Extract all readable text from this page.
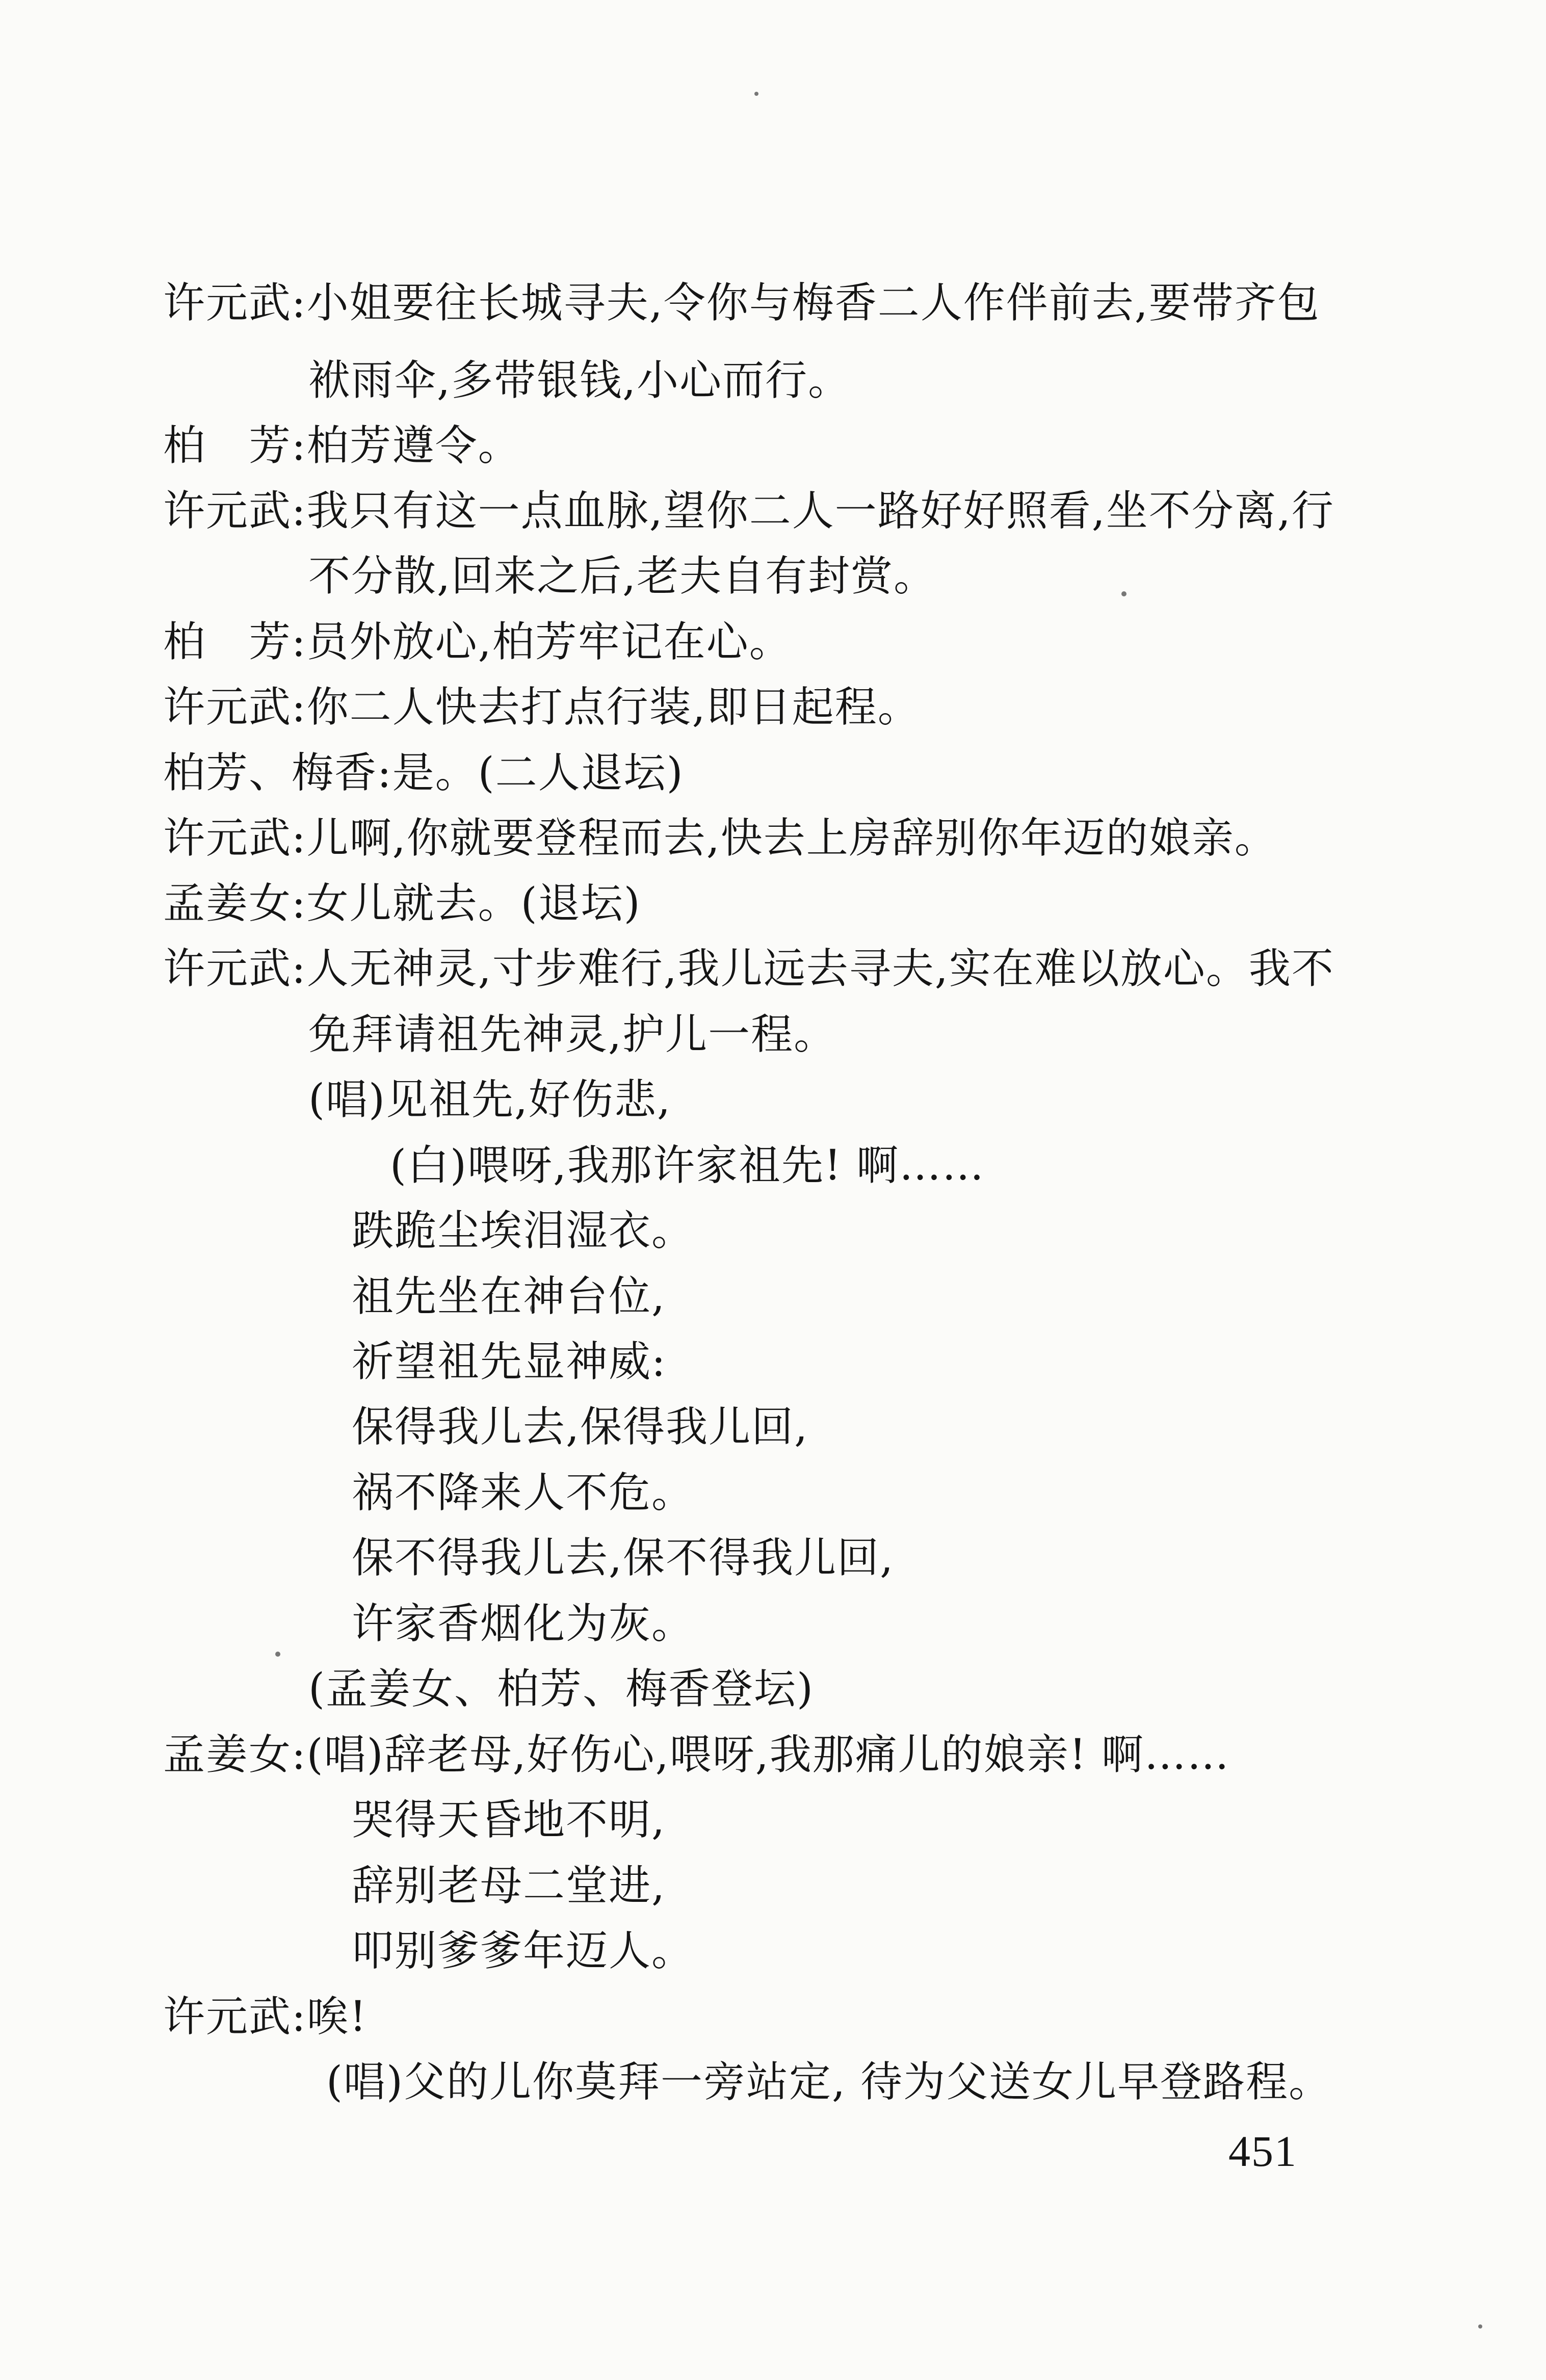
许元武:小姐要往长城寻夫,令你与梅香二人作伴前去,要带齐包
袱雨伞,多带银钱,小心而行。
柏　芳:柏芳遵令。
许元武:我只有这一点血脉,望你二人一路好好照看,坐不分离,行
不分散,回来之后,老夫自有封赏。
柏　芳:员外放心,柏芳牢记在心。
许元武:你二人快去打点行装,即日起程。
柏芳、梅香:是。(二人退坛)
许元武:儿啊,你就要登程而去,快去上房辞别你年迈的娘亲。
孟姜女:女儿就去。(退坛)
许元武:人无神灵,寸步难行,我儿远去寻夫,实在难以放心。我不
免拜请祖先神灵,护儿一程。
(唱)见祖先,好伤悲,
(白)喂呀,我那许家祖先! 啊……
跌跪尘埃泪湿衣。
祖先坐在神台位,
祈望祖先显神威:
保得我儿去,保得我儿回,
祸不降来人不危。
保不得我儿去,保不得我儿回,
许家香烟化为灰。
(孟姜女、柏芳、梅香登坛)
孟姜女:(唱)辞老母,好伤心,喂呀,我那痛儿的娘亲! 啊……
哭得天昏地不明,
辞别老母二堂进,
叩别爹爹年迈人。
许元武:唉!
(唱)父的儿你莫拜一旁站定, 待为父送女儿早登路程。
451
